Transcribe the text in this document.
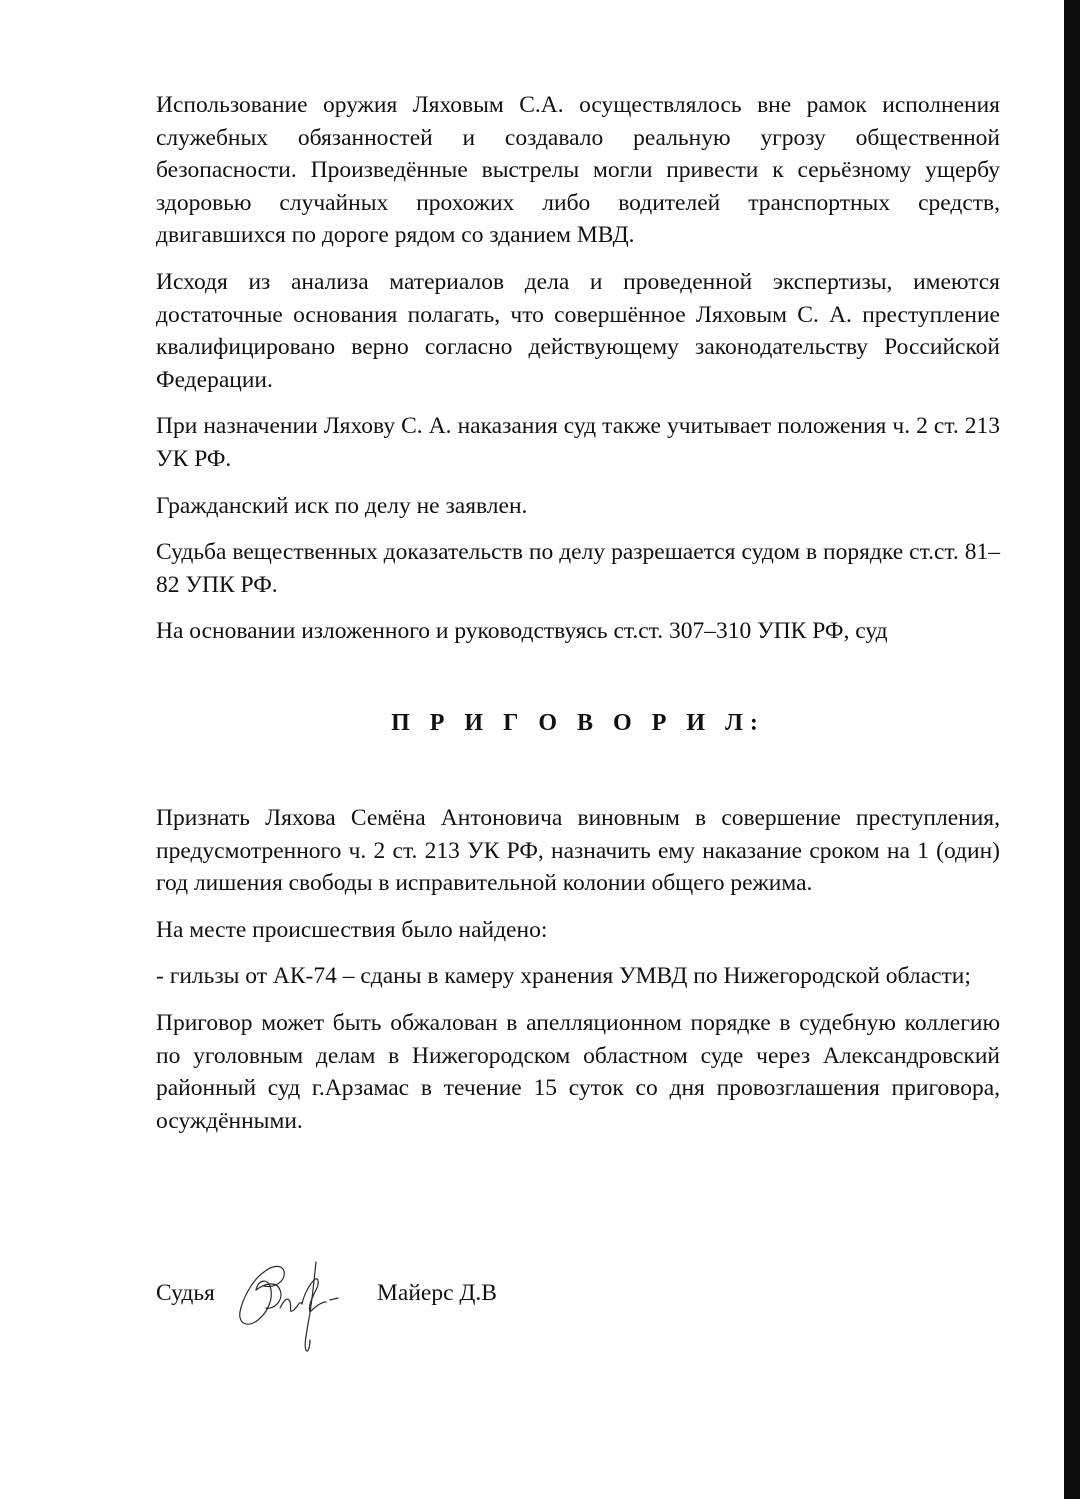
Использование оружия Ляховым С.А. осуществлялось вне рамок исполнения служебных обязанностей и создавало реальную угрозу общественной безопасности. Произведённые выстрелы могли привести к серьёзному ущербу здоровью случайных прохожих либо водителей транспортных средств, двигавшихся по дороге рядом со зданием МВД.

Исходя из анализа материалов дела и проведенной экспертизы, имеются достаточные основания полагать, что совершённое Ляховым С. А. преступление квалифицировано верно согласно действующему законодательству Российской Федерации.

При назначении Ляхову С. А. наказания суд также учитывает положения ч. 2 ст. 213 УК РФ.

Гражданский иск по делу не заявлен.

Судьба вещественных доказательств по делу разрешается судом в порядке ст.ст. 81–82 УПК РФ.

На основании изложенного и руководствуясь ст.ст. 307–310 УПК РФ, суд

П Р И Г О В О Р И Л:

Признать Ляхова Семёна Антоновича виновным в совершение преступления, предусмотренного ч. 2 ст. 213 УК РФ, назначить ему наказание сроком на 1 (один) год лишения свободы в исправительной колонии общего режима.

На месте происшествия было найдено:

- гильзы от АК-74 – сданы в камеру хранения УМВД по Нижегородской области;

Приговор может быть обжалован в апелляционном порядке в судебную коллегию по уголовным делам в Нижегородском областном суде через Александровский районный суд г.Арзамас в течение 15 суток со дня провозглашения приговора, осуждёнными.

Судья	Майерс Д.В
